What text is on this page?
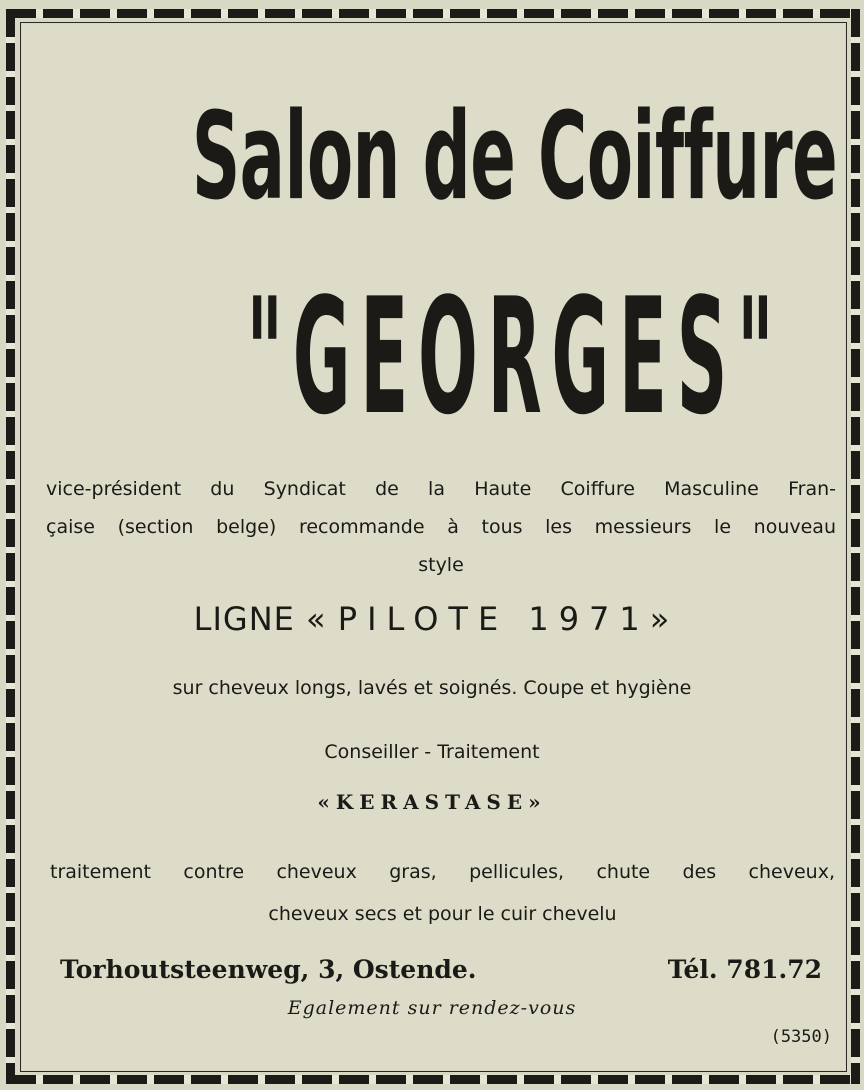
Salon de Coiffure
"GEORGES"
vice-président du Syndicat de la Haute Coiffure Masculine Fran-
çaise (section belge) recommande à tous les messieurs le nouveau
style
LIGNE « PILOTE 1971»
sur cheveux longs, lavés et soignés. Coupe et hygiène
Conseiller - Traitement
«KERASTASE»
traitement contre cheveux gras, pellicules, chute des cheveux,
cheveux secs et pour le cuir chevelu
Torhoutsteenweg, 3, Ostende.	Tél. 781.72
Egalement sur rendez-vous
(5350)
